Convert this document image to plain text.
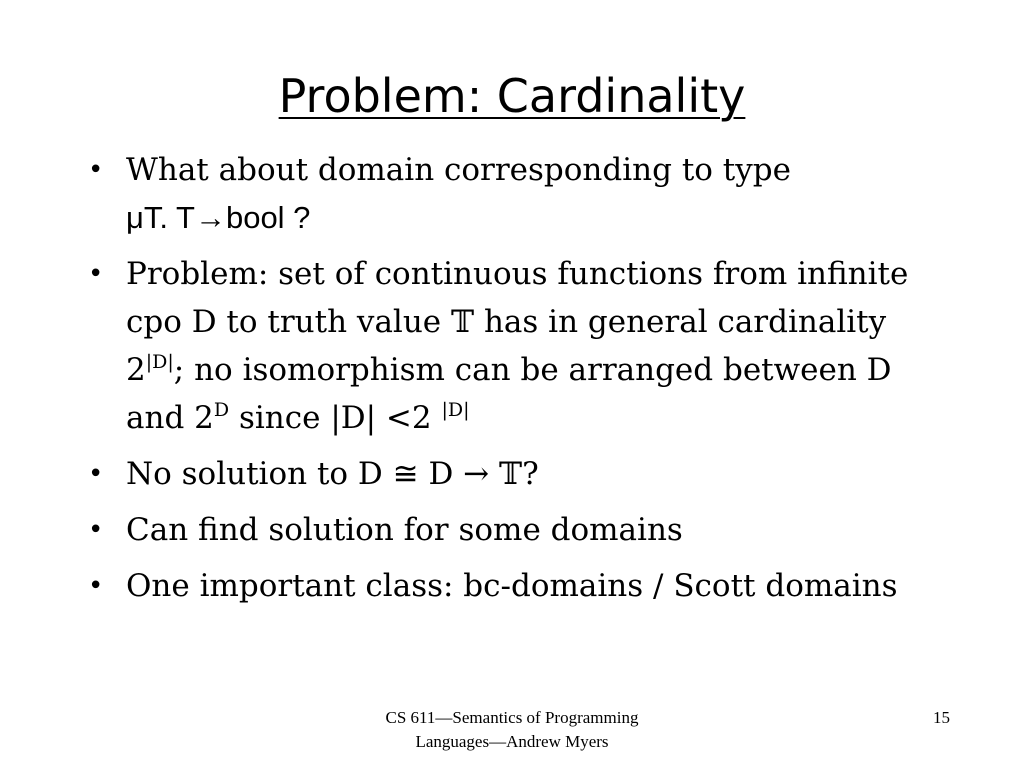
Problem: Cardinality
• What about domain corresponding to type
μT. T→bool ?
• Problem: set of continuous functions from infinite cpo D to truth value 𝕋 has in general cardinality $2^{|D|}$; no isomorphism can be arranged between D and $2^D$ since |D| <2 $^{|D|}$
• No solution to D ≅ D → 𝕋?
• Can find solution for some domains
• One important class: bc-domains / Scott domains
CS 611—Semantics of Programming
Languages—Andrew Myers
15
